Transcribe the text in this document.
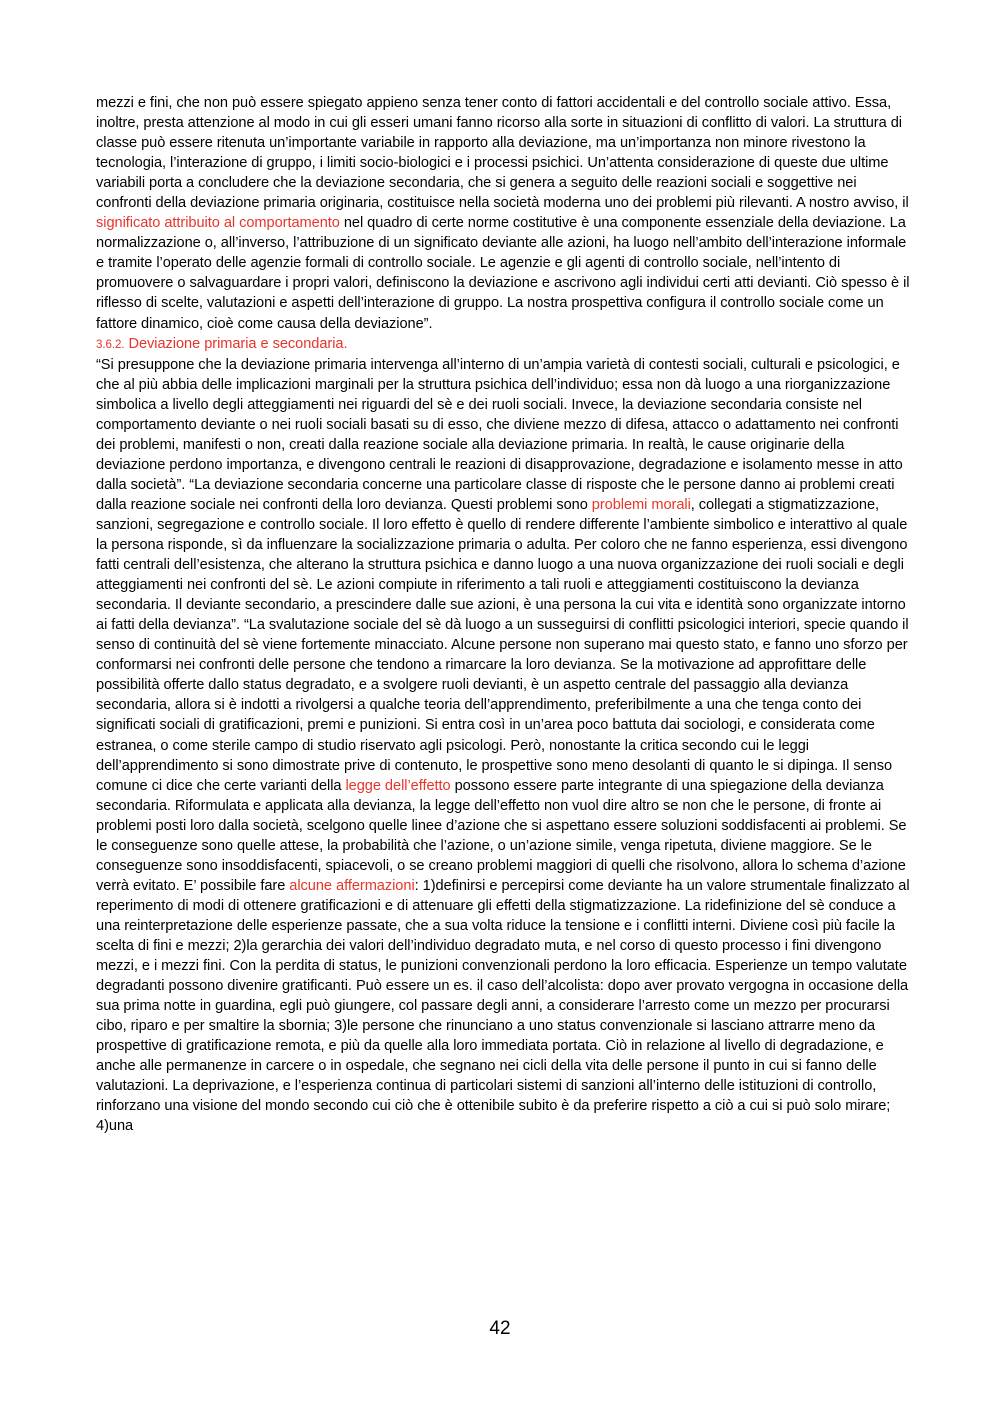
mezzi e fini, che non può essere spiegato appieno senza tener conto di fattori accidentali e del controllo sociale attivo. Essa, inoltre, presta attenzione al modo in cui gli esseri umani fanno ricorso alla sorte in situazioni di conflitto di valori. La struttura di classe può essere ritenuta un’importante variabile in rapporto alla deviazione, ma un’importanza non minore rivestono la tecnologia, l’interazione di gruppo, i limiti socio-biologici e i processi psichici. Un’attenta considerazione di queste due ultime variabili porta a concludere che la deviazione secondaria, che si genera a seguito delle reazioni sociali e soggettive nei confronti della deviazione primaria originaria, costituisce nella società moderna uno dei problemi più rilevanti. A nostro avviso, il significato attribuito al comportamento nel quadro di certe norme costitutive è una componente essenziale della deviazione. La normalizzazione o, all’inverso, l’attribuzione di un significato deviante alle azioni, ha luogo nell’ambito dell’interazione informale e tramite l’operato delle agenzie formali di controllo sociale. Le agenzie e gli agenti di controllo sociale, nell’intento di promuovere o salvaguardare i propri valori, definiscono la deviazione e ascrivono agli individui certi atti devianti. Ciò spesso è il riflesso di scelte, valutazioni e aspetti dell’interazione di gruppo. La nostra prospettiva configura il controllo sociale come un fattore dinamico, cioè come causa della deviazione”.

3.6.2. Deviazione primaria e secondaria.

“Si presuppone che la deviazione primaria intervenga all’interno di un’ampia varietà di contesti sociali, culturali e psicologici, e che al più abbia delle implicazioni marginali per la struttura psichica dell’individuo; essa non dà luogo a una riorganizzazione simbolica a livello degli atteggiamenti nei riguardi del sè e dei ruoli sociali. Invece, la deviazione secondaria consiste nel comportamento deviante o nei ruoli sociali basati su di esso, che diviene mezzo di difesa, attacco o adattamento nei confronti dei problemi, manifesti o non, creati dalla reazione sociale alla deviazione primaria. In realtà, le cause originarie della deviazione perdono importanza, e divengono centrali le reazioni di disapprovazione, degradazione e isolamento messe in atto dalla società”. “La deviazione secondaria concerne una particolare classe di risposte che le persone danno ai problemi creati dalla reazione sociale nei confronti della loro devianza. Questi problemi sono problemi morali, collegati a stigmatizzazione, sanzioni, segregazione e controllo sociale. Il loro effetto è quello di rendere differente l’ambiente simbolico e interattivo al quale la persona risponde, sì da influenzare la socializzazione primaria o adulta. Per coloro che ne fanno esperienza, essi divengono fatti centrali dell’esistenza, che alterano la struttura psichica e danno luogo a una nuova organizzazione dei ruoli sociali e degli atteggiamenti nei confronti del sè. Le azioni compiute in riferimento a tali ruoli e atteggiamenti costituiscono la devianza secondaria. Il deviante secondario, a prescindere dalle sue azioni, è una persona la cui vita e identità sono organizzate intorno ai fatti della devianza”. “La svalutazione sociale del sè dà luogo a un susseguirsi di conflitti psicologici interiori, specie quando il senso di continuità del sè viene fortemente minacciato. Alcune persone non superano mai questo stato, e fanno uno sforzo per conformarsi nei confronti delle persone che tendono a rimarcare la loro devianza. Se la motivazione ad approfittare delle possibilità offerte dallo status degradato, e a svolgere ruoli devianti, è un aspetto centrale del passaggio alla devianza secondaria, allora si è indotti a rivolgersi a qualche teoria dell’apprendimento, preferibilmente a una che tenga conto dei significati sociali di gratificazioni, premi e punizioni. Si entra così in un’area poco battuta dai sociologi, e considerata come estranea, o come sterile campo di studio riservato agli psicologi. Però, nonostante la critica secondo cui le leggi dell’apprendimento si sono dimostrate prive di contenuto, le prospettive sono meno desolanti di quanto le si dipinga. Il senso comune ci dice che certe varianti della legge dell’effetto possono essere parte integrante di una spiegazione della devianza secondaria. Riformulata e applicata alla devianza, la legge dell’effetto non vuol dire altro se non che le persone, di fronte ai problemi posti loro dalla società, scelgono quelle linee d’azione che si aspettano essere soluzioni soddisfacenti ai problemi. Se le conseguenze sono quelle attese, la probabilità che l’azione, o un’azione simile, venga ripetuta, diviene maggiore. Se le conseguenze sono insoddisfacenti, spiacevoli, o se creano problemi maggiori di quelli che risolvono, allora lo schema d’azione verrà evitato. E’ possibile fare alcune affermazioni: 1)definirsi e percepirsi come deviante ha un valore strumentale finalizzato al reperimento di modi di ottenere gratificazioni e di attenuare gli effetti della stigmatizzazione. La ridefinizione del sè conduce a una reinterpretazione delle esperienze passate, che a sua volta riduce la tensione e i conflitti interni. Diviene così più facile la scelta di fini e mezzi; 2)la gerarchia dei valori dell’individuo degradato muta, e nel corso di questo processo i fini divengono mezzi, e i mezzi fini. Con la perdita di status, le punizioni convenzionali perdono la loro efficacia. Esperienze un tempo valutate degradanti possono divenire gratificanti. Può essere un es. il caso dell’alcolista: dopo aver provato vergogna in occasione della sua prima notte in guardina, egli può giungere, col passare degli anni, a considerare l’arresto come un mezzo per procurarsi cibo, riparo e per smaltire la sbornia; 3)le persone che rinunciano a uno status convenzionale si lasciano attrarre meno da prospettive di gratificazione remota, e più da quelle alla loro immediata portata. Ciò in relazione al livello di degradazione, e anche alle permanenze in carcere o in ospedale, che segnano nei cicli della vita delle persone il punto in cui si fanno delle valutazioni. La deprivazione, e l’esperienza continua di particolari sistemi di sanzioni all’interno delle istituzioni di controllo, rinforzano una visione del mondo secondo cui ciò che è ottenibile subito è da preferire rispetto a ciò a cui si può solo mirare; 4)una

42
